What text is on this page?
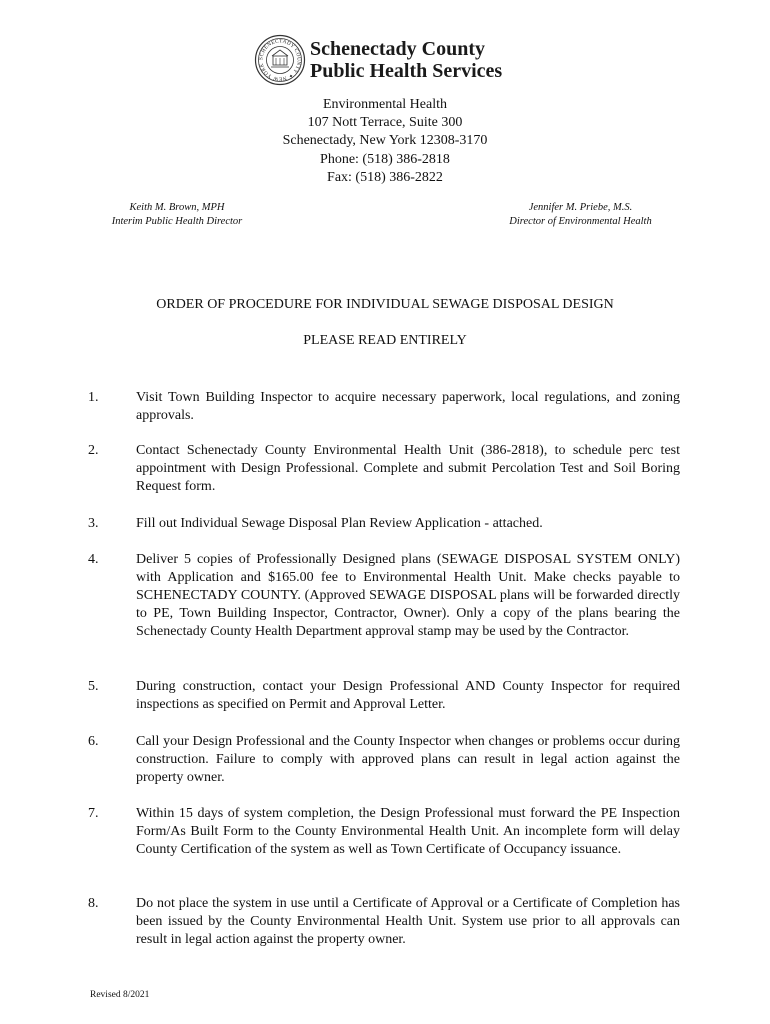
SCHENECTADY COUNTY ✦ NEW YORK
Schenectady County
Public Health Services
Environmental Health
107 Nott Terrace, Suite 300
Schenectady, New York 12308-3170
Phone: (518) 386-2818
Fax: (518) 386-2822
Keith M. Brown, MPH
Interim Public Health Director
Jennifer M. Priebe, M.S.
Director of Environmental Health
ORDER OF PROCEDURE FOR INDIVIDUAL SEWAGE DISPOSAL DESIGN
PLEASE READ ENTIRELY
1.	Visit Town Building Inspector to acquire necessary paperwork, local regulations, and zoning approvals.
2.	Contact Schenectady County Environmental Health Unit (386-2818), to schedule perc test appointment with Design Professional. Complete and submit Percolation Test and Soil Boring Request form.
3.	Fill out Individual Sewage Disposal Plan Review Application - attached.
4.	Deliver 5 copies of Professionally Designed plans (SEWAGE DISPOSAL SYSTEM ONLY) with Application and $165.00 fee to Environmental Health Unit. Make checks payable to SCHENECTADY COUNTY. (Approved SEWAGE DISPOSAL plans will be forwarded directly to PE, Town Building Inspector, Contractor, Owner). Only a copy of the plans bearing the Schenectady County Health Department approval stamp may be used by the Contractor.
5.	During construction, contact your Design Professional AND County Inspector for required inspections as specified on Permit and Approval Letter.
6.	Call your Design Professional and the County Inspector when changes or problems occur during construction. Failure to comply with approved plans can result in legal action against the property owner.
7.	Within 15 days of system completion, the Design Professional must forward the PE Inspection Form/As Built Form to the County Environmental Health Unit. An incomplete form will delay County Certification of the system as well as Town Certificate of Occupancy issuance.
8.	Do not place the system in use until a Certificate of Approval or a Certificate of Completion has been issued by the County Environmental Health Unit. System use prior to all approvals can result in legal action against the property owner.
Revised 8/2021
